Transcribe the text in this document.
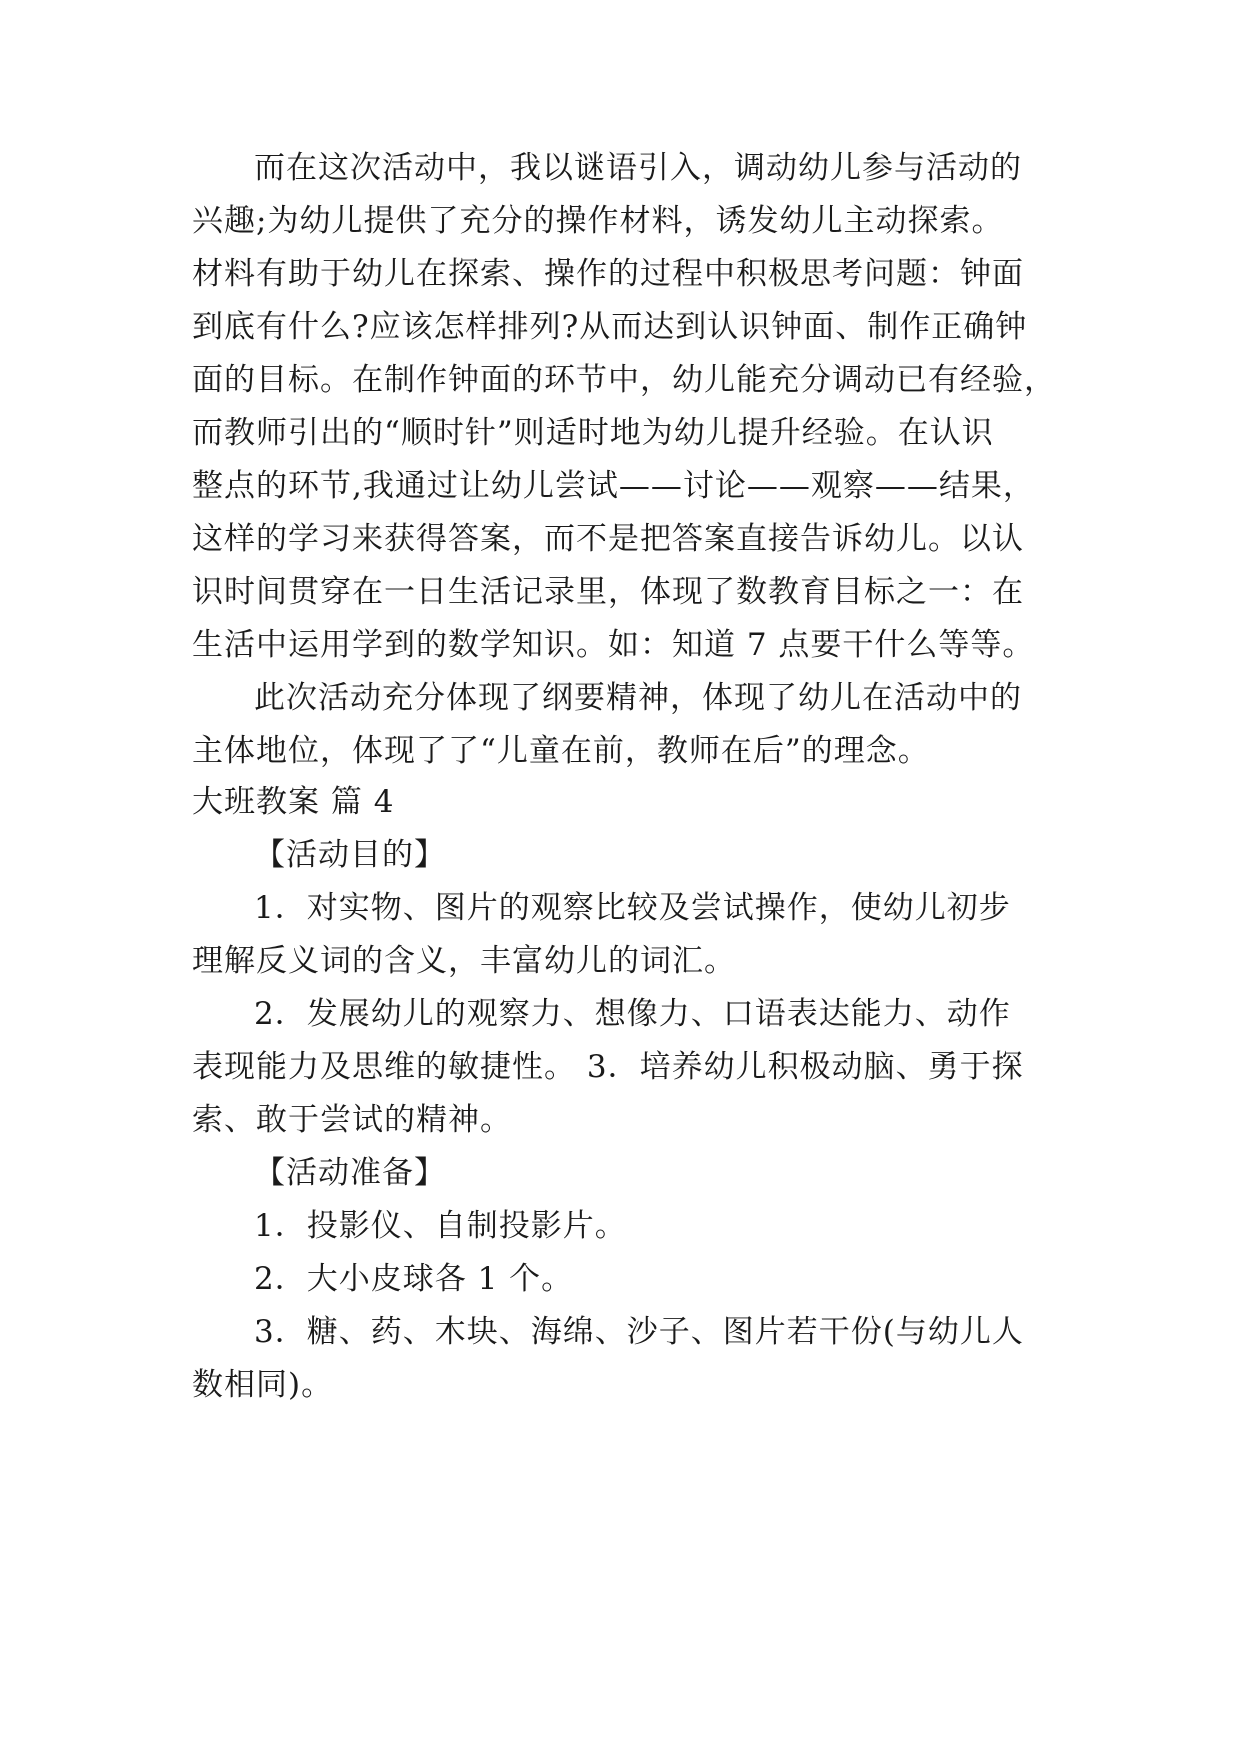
而在这次活动中，我以谜语引入，调动幼儿参与活动的
兴趣;为幼儿提供了充分的操作材料，诱发幼儿主动探索。
材料有助于幼儿在探索、操作的过程中积极思考问题：钟面
到底有什么?应该怎样排列?从而达到认识钟面、制作正确钟
面的目标。在制作钟面的环节中，幼儿能充分调动已有经验，
而教师引出的“顺时针”则适时地为幼儿提升经验。在认识
整点的环节,我通过让幼儿尝试——讨论——观察——结果，
这样的学习来获得答案，而不是把答案直接告诉幼儿。以认
识时间贯穿在一日生活记录里，体现了数教育目标之一：在
生活中运用学到的数学知识。如：知道 7 点要干什么等等。
此次活动充分体现了纲要精神，体现了幼儿在活动中的
主体地位，体现了了“儿童在前，教师在后”的理念。
大班教案 篇 4
【活动目的】
1．对实物、图片的观察比较及尝试操作，使幼儿初步
理解反义词的含义，丰富幼儿的词汇。
2．发展幼儿的观察力、想像力、口语表达能力、动作
表现能力及思维的敏捷性。 3．培养幼儿积极动脑、勇于探
索、敢于尝试的精神。
【活动准备】
1．投影仪、自制投影片。
2．大小皮球各 1 个。
3．糖、药、木块、海绵、沙子、图片若干份(与幼儿人
数相同)。
